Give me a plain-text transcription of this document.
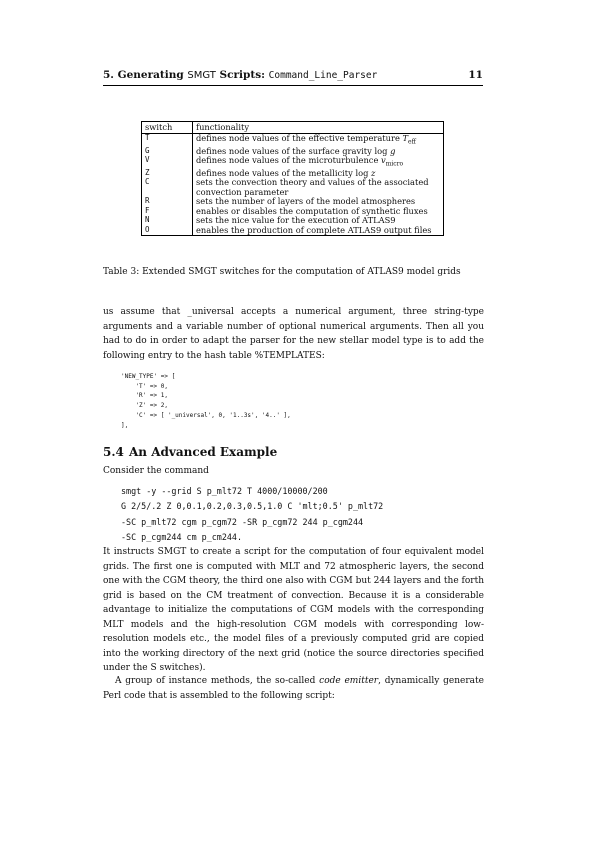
5. Generating SMGT Scripts: Command_Line_Parser	11
switch	functionality
T	defines node values of the effective temperature $T_{eff}$
G	defines node values of the surface gravity log g
V	defines node values of the microturbulence $v_{micro}$
Z	defines node values of the metallicity log z
C	sets the convection theory and values of the associated
	convection parameter
R	sets the number of layers of the model atmospheres
F	enables or disables the computation of synthetic fluxes
N	sets the nice value for the execution of ATLAS9
O	enables the production of complete ATLAS9 output files
Table 3: Extended SMGT switches for the computation of ATLAS9 model grids
us assume that _universal accepts a numerical argument, three string-type arguments and a variable number of optional numerical arguments. Then all you had to do in order to adapt the parser for the new stellar model type is to add the following entry to the hash table %TEMPLATES:
'NEW_TYPE' => [
'T' => 0,
'R' => 1,
'Z' => 2,
'C' => [ '_universal', 0, '1..3s', '4..' ],
],
5.4 An Advanced Example
Consider the command
smgt -y --grid S p_mlt72 T 4000/10000/200
G 2/5/.2 Z 0,0.1,0.2,0.3,0.5,1.0 C 'mlt;0.5' p_mlt72
-SC p_mlt72 cgm p_cgm72 -SR p_cgm72 244 p_cgm244
-SC p_cgm244 cm p_cm244.
It instructs SMGT to create a script for the computation of four equivalent model grids. The first one is computed with MLT and 72 atmospheric layers, the second one with the CGM theory, the third one also with CGM but 244 layers and the forth grid is based on the CM treatment of convection. Because it is a considerable advantage to initialize the computations of CGM models with the corresponding MLT models and the high-resolution CGM models with corresponding low-resolution models etc., the model files of a previously computed grid are copied into the working directory of the next grid (notice the source directories specified under the S switches).
A group of instance methods, the so-called code emitter, dynamically generate Perl code that is assembled to the following script:
